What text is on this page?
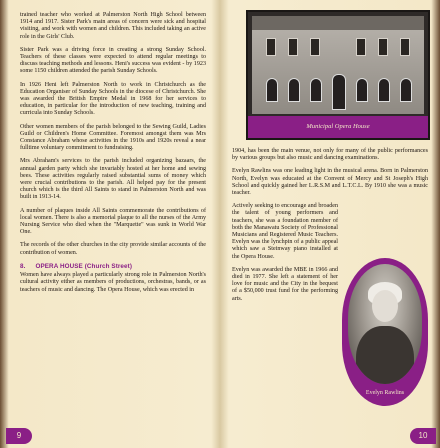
trained teacher who worked at Palmerston North High School between 1914 and 1917. Sister Park's main areas of concern were sick and hospital visiting, and work with women and children. This included taking an active role in the Girls' Club.

Sister Park was a driving force in creating a strong Sunday School. Teachers of these classes were expected to attend regular meetings to discuss teaching methods and lessons. Heni's success was evident - by 1923 some 1150 children attended the parish Sunday Schools.

In 1926 Heni left Palmerston North to work in Christchurch as the Education Organiser of Sunday Schools in the diocese of Christchurch. She was awarded the British Empire Medal in 1968 for her services to education, in particular for the introduction of new teaching, training and curricula into Sunday Schools.

Other women members of the parish belonged to the Sewing Guild, Ladies Guild or Children's Home Committee. Foremost amongst them was Mrs Constance Abraham whose activities in the 1910s and 1920s reveal a near fulltime voluntary commitment to fundraising.

Mrs Abraham's services to the parish included organizing bazaars, the annual garden party which she invariably hosted at her home and sewing bees. These activities regularly raised substantial sums of money which were crucial contributions to the parish. All helped pay for the present church which is the third All Saints to stand in Palmerston North and was built in 1913-14.

A number of plaques inside All Saints commemorate the contributions of local women. There is also a memorial plaque to all the nurses of the Army Nursing Service who died when the "Marquette" was sunk in World War One.

The records of the other churches in the city provide similar accounts of the contribution of women.

8. OPERA HOUSE (Church Street)

Women have always played a particularly strong role in Palmerston North's cultural activity either as members of productions, orchestras, bands, or as teachers of music and dancing. The Opera House, which was erected in

9
Municipal Opera House

1904, has been the main venue, not only for many of the public performances by various groups but also music and dancing examinations.

Evelyn Rawlins was one leading light in the musical arena. Born in Palmerston North, Evelyn was educated at the Convent of Mercy and St Joseph's High School and quickly gained her L.R.S.M and L.T.C.L. By 1910 she was a music teacher.

Actively seeking to encourage and broaden the talent of young performers and teachers, she was a foundation member of both the Manawatu Society of Professional Musicians and Registered Music Teachers. Evelyn was the lynchpin of a public appeal which saw a Steinway piano installed at the Opera House.

Evelyn was awarded the MBE in 1966 and died in 1977. She left a statement of her love for music and the City in the bequest of a $50,000 trust fund for the performing arts.

Evelyn Rawlins
10
